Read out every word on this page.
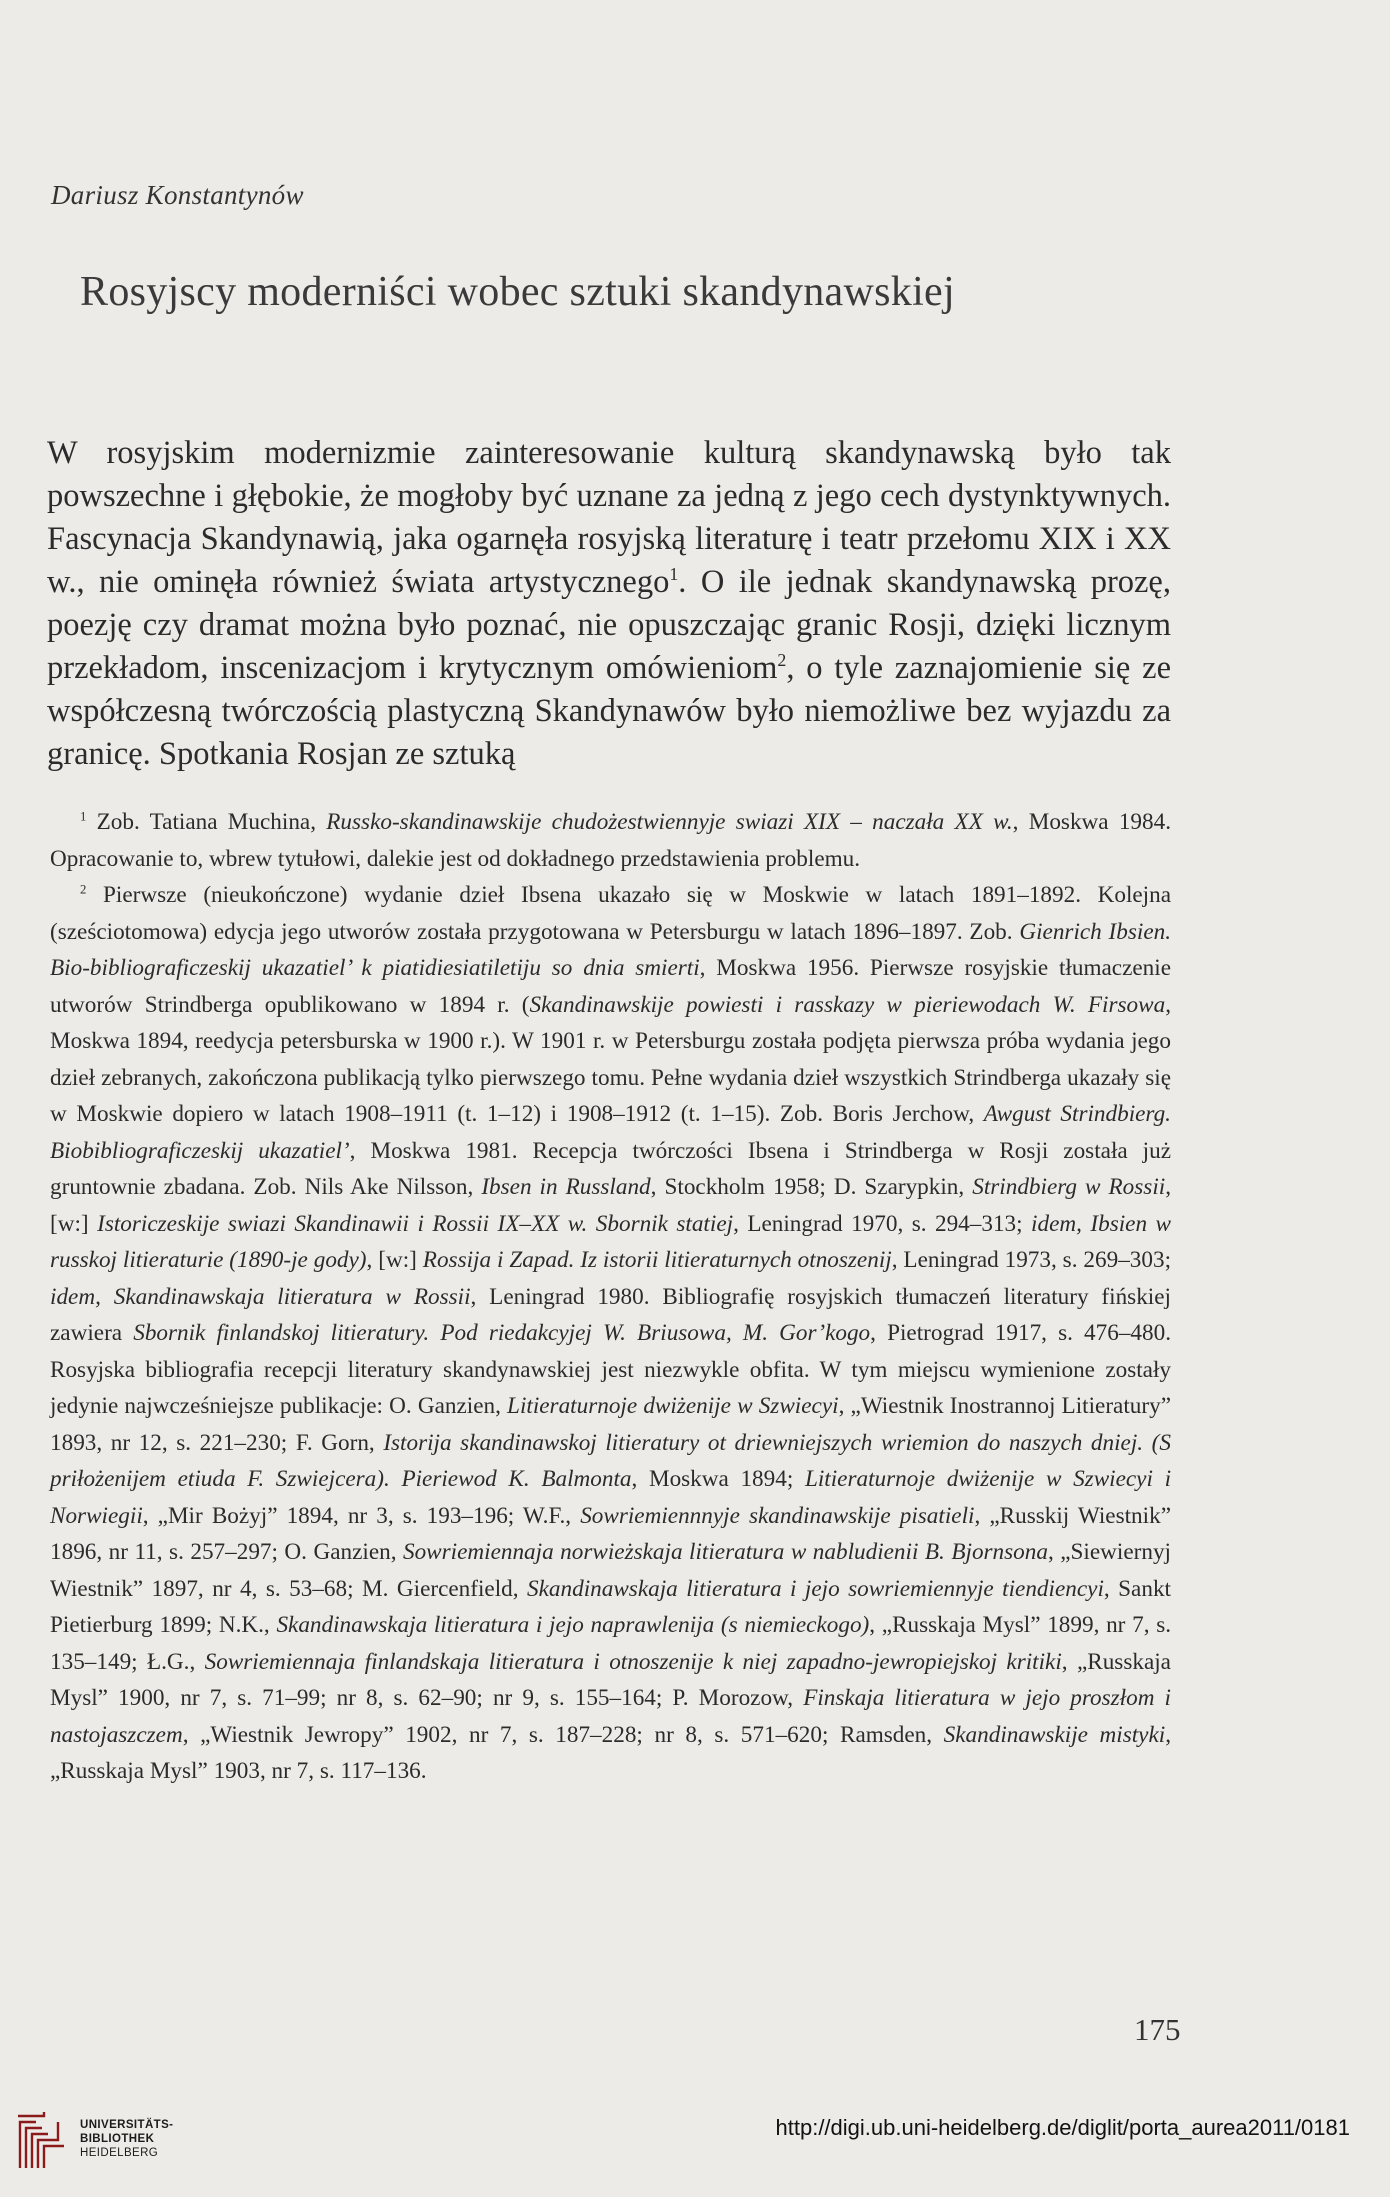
Dariusz Konstantynów
Rosyjscy moderniści wobec sztuki skandynawskiej
W rosyjskim modernizmie zainteresowanie kulturą skandynawską było tak powszechne i głębokie, że mogłoby być uznane za jedną z jego cech dystynktywnych. Fascynacja Skandynawią, jaka ogarnęła rosyjską literaturę i teatr przełomu XIX i XX w., nie ominęła również świata artystycznego$^1$. O ile jednak skandynawską prozę, poezję czy dramat można było poznać, nie opuszczając granic Rosji, dzięki licznym przekładom, inscenizacjom i krytycznym omówieniom$^2$, o tyle zaznajomienie się ze współczesną twórczością plastyczną Skandynawów było niemożliwe bez wyjazdu za granicę. Spotkania Rosjan ze sztuką

$^1$ Zob. Tatiana Muchina, Russko-skandinawskije chudożestwiennyje swiazi XIX – naczała XX w., Moskwa 1984. Opracowanie to, wbrew tytułowi, dalekie jest od dokładnego przedstawienia problemu.

$^2$ Pierwsze (nieukończone) wydanie dzieł Ibsena ukazało się w Moskwie w latach 1891–1892. Kolejna (sześciotomowa) edycja jego utworów została przygotowana w Petersburgu w latach 1896–1897. Zob. Gienrich Ibsien. Bio-bibliograficzeskij ukazatiel’ k piatidiesiatiletiju so dnia smierti, Moskwa 1956. Pierwsze rosyjskie tłumaczenie utworów Strindberga opublikowano w 1894 r. (Skandinawskije powiesti i rasskazy w pieriewodach W. Firsowa, Moskwa 1894, reedycja petersburska w 1900 r.). W 1901 r. w Petersburgu została podjęta pierwsza próba wydania jego dzieł zebranych, zakończona publikacją tylko pierwszego tomu. Pełne wydania dzieł wszystkich Strindberga ukazały się w Moskwie dopiero w latach 1908–1911 (t. 1–12) i 1908–1912 (t. 1–15). Zob. Boris Jerchow, Awgust Strindbierg. Biobibliograficzeskij ukazatiel’, Moskwa 1981. Recepcja twórczości Ibsena i Strindberga w Rosji została już gruntownie zbadana. Zob. Nils Ake Nilsson, Ibsen in Russland, Stockholm 1958; D. Szarypkin, Strindbierg w Rossii, [w:] Istoriczeskije swiazi Skandinawii i Rossii IX–XX w. Sbornik statiej, Leningrad 1970, s. 294–313; idem, Ibsien w russkoj litieraturie (1890-je gody), [w:] Rossija i Zapad. Iz istorii litieraturnych otnoszenij, Leningrad 1973, s. 269–303; idem, Skandinawskaja litieratura w Rossii, Leningrad 1980. Bibliografię rosyjskich tłumaczeń literatury fińskiej zawiera Sbornik finlandskoj litieratury. Pod riedakcyjej W. Briusowa, M. Gor’kogo, Pietrograd 1917, s. 476–480. Rosyjska bibliografia recepcji literatury skandynawskiej jest niezwykle obfita. W tym miejscu wymienione zostały jedynie najwcześniejsze publikacje: O. Ganzien, Litieraturnoje dwiżenije w Szwiecyi, „Wiestnik Inostrannoj Litieratury” 1893, nr 12, s. 221–230; F. Gorn, Istorija skandinawskoj litieratury ot driewniejszych wriemion do naszych dniej. (S priłożenijem etiuda F. Szwiejcera). Pieriewod K. Balmonta, Moskwa 1894; Litieraturnoje dwiżenije w Szwiecyi i Norwiegii, „Mir Bożyj” 1894, nr 3, s. 193–196; W.F., Sowriemiennnyje skandinawskije pisatieli, „Russkij Wiestnik” 1896, nr 11, s. 257–297; O. Ganzien, Sowriemiennaja norwieżskaja litieratura w nabludienii B. Bjornsona, „Siewiernyj Wiestnik” 1897, nr 4, s. 53–68; M. Giercenfield, Skandinawskaja litieratura i jejo sowriemiennyje tiendiencyi, Sankt Pietierburg 1899; N.K., Skandinawskaja litieratura i jejo naprawlenija (s niemieckogo), „Russkaja Mysl” 1899, nr 7, s. 135–149; Ł.G., Sowriemiennaja finlandskaja litieratura i otnoszenije k niej zapadno-jewropiejskoj kritiki, „Russkaja Mysl” 1900, nr 7, s. 71–99; nr 8, s. 62–90; nr 9, s. 155–164; P. Morozow, Finskaja litieratura w jejo proszłom i nastojaszczem, „Wiestnik Jewropy” 1902, nr 7, s. 187–228; nr 8, s. 571–620; Ramsden, Skandinawskije mistyki, „Russkaja Mysl” 1903, nr 7, s. 117–136.

175
UNIVERSITÄTS-
BIBLIOTHEK
HEIDELBERG
http://digi.ub.uni-heidelberg.de/diglit/porta_aurea2011/0181
